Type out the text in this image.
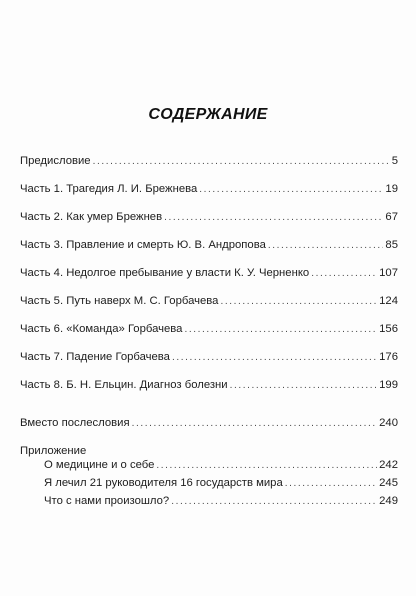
СОДЕРЖАНИЕ
Предисловие .....	5
Часть 1. Трагедия Л. И. Брежнева .....	19
Часть 2. Как умер Брежнев .....	67
Часть 3. Правление и смерть Ю. В. Андропова .....	85
Часть 4. Недолгое пребывание у власти К. У. Черненко .....	107
Часть 5. Путь наверх М. С. Горбачева .....	124
Часть 6. «Команда» Горбачева .....	156
Часть 7. Падение Горбачева .....	176
Часть 8. Б. Н. Ельцин. Диагноз болезни .....	199
Вместо послесловия .....	240
Приложение
О медицине и о себе .....	242
Я лечил 21 руководителя 16 государств мира .....	245
Что с нами произошло? .....	249
